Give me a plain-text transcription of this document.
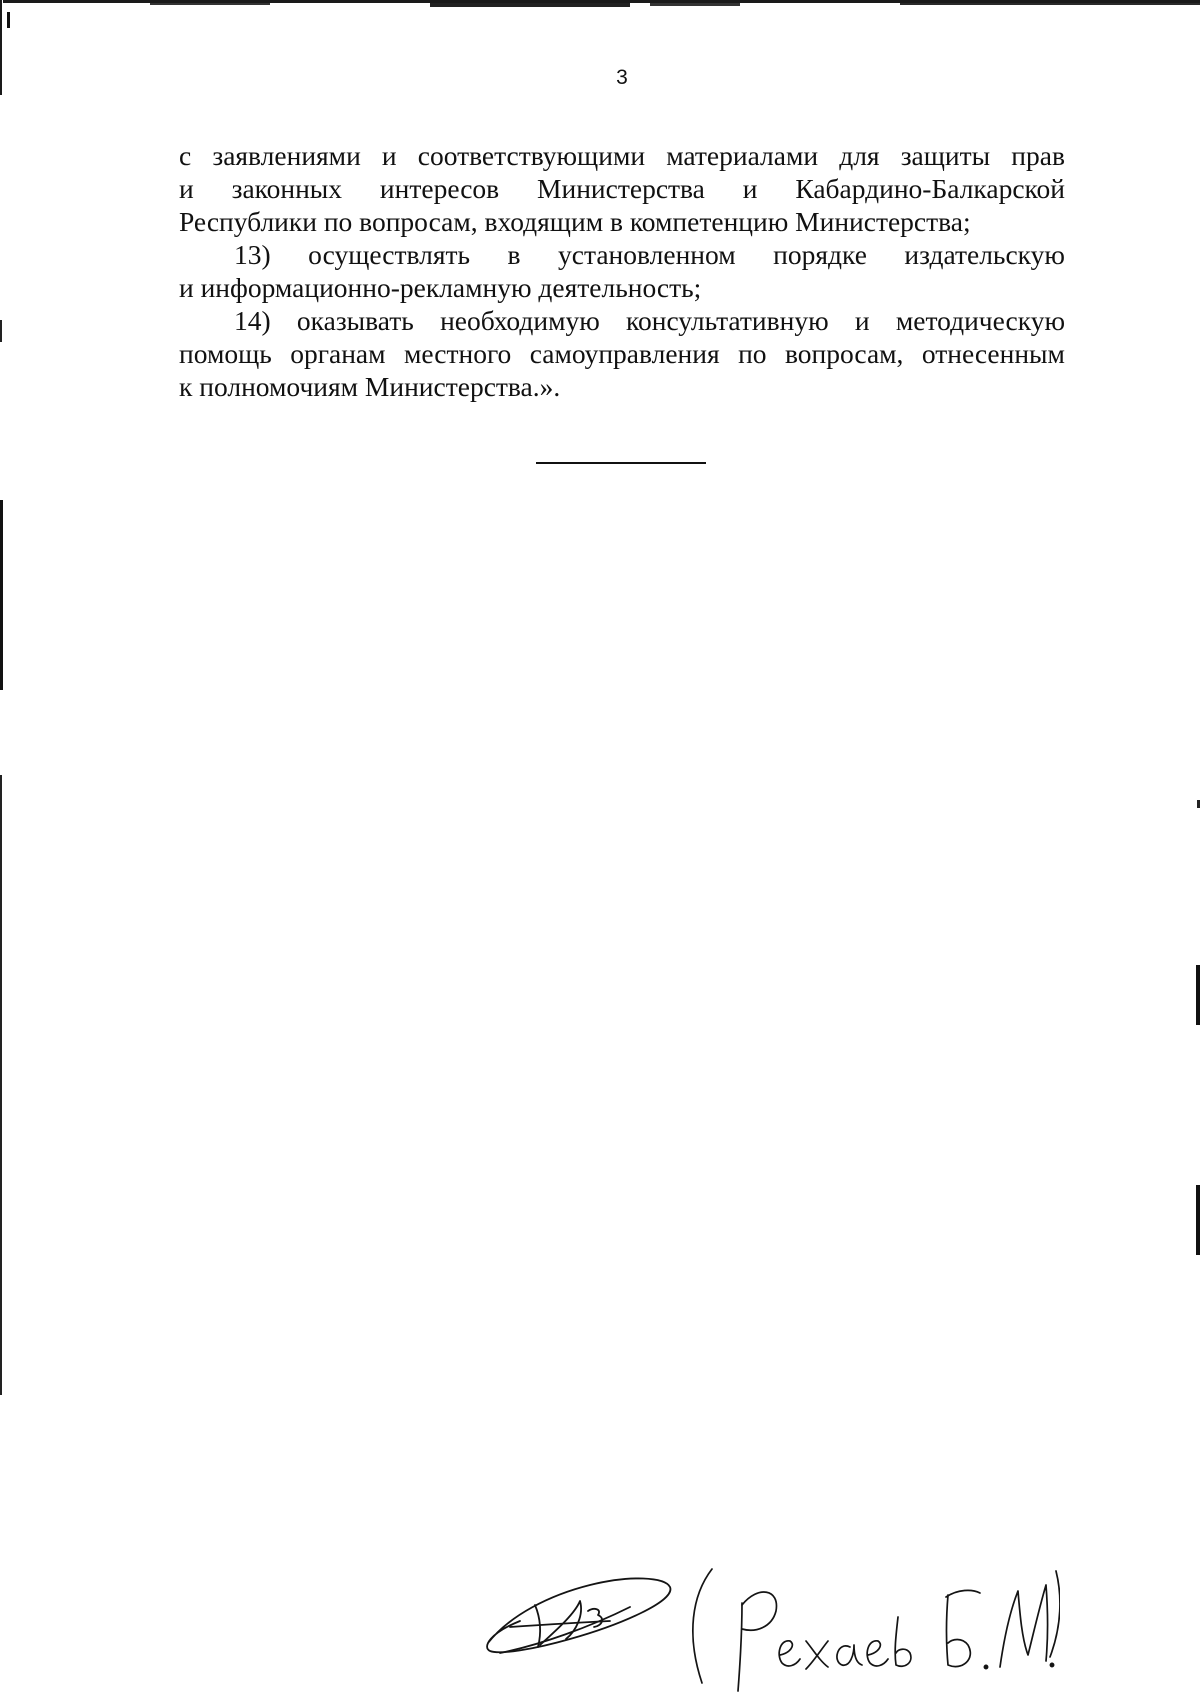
3
с заявлениями и соответствующими материалами для защиты прав
и законных интересов Министерства и Кабардино-Балкарской
Республики по вопросам, входящим в компетенцию Министерства;
13) осуществлять в установленном порядке издательскую
и информационно-рекламную деятельность;
14) оказывать необходимую консультативную и методическую
помощь органам местного самоуправления по вопросам, отнесенным
к полномочиям Министерства.».
